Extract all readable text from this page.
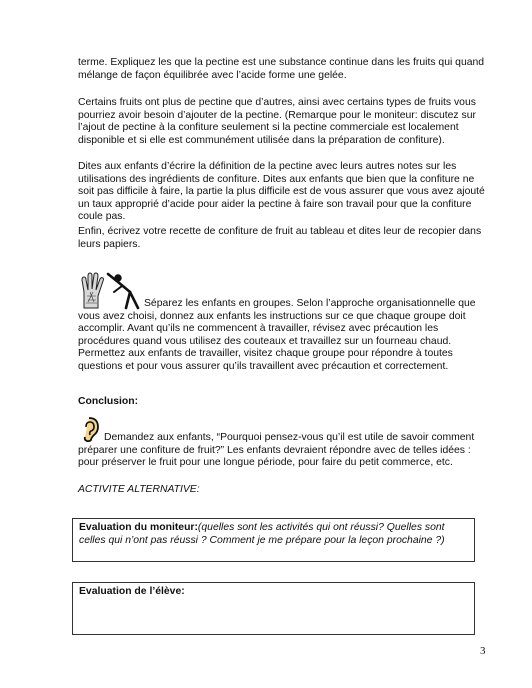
terme. Expliquez les que la pectine est une substance continue dans les fruits qui quand mélange de façon équilibrée avec l’acide forme une gelée.

Certains fruits ont plus de pectine que d’autres, ainsi avec certains types de fruits vous pourriez avoir besoin d’ajouter de la pectine. (Remarque pour le moniteur: discutez sur l’ajout de pectine à la confiture seulement si la pectine commerciale est localement disponible et si elle est communément utilisée dans la préparation de confiture).

Dites aux enfants d’écrire la définition de la pectine avec leurs autres notes sur les utilisations des ingrédients de confiture. Dites aux enfants que bien que la confiture ne soit pas difficile à faire, la partie la plus difficile est de vous assurer que vous avez ajouté un taux approprié d’acide pour aider la pectine à faire son travail pour que la confiture coule pas.

Enfin, écrivez votre recette de confiture de fruit au tableau et dites leur de recopier dans leurs papiers.

Séparez les enfants en groupes. Selon l’approche organisationnelle que vous avez choisi, donnez aux enfants les instructions sur ce que chaque groupe doit accomplir. Avant qu’ils ne commencent à travailler, révisez avec précaution les procédures quand vous utilisez des couteaux et travaillez sur un fourneau chaud. Permettez aux enfants de travailler, visitez chaque groupe pour répondre à toutes questions et pour vous assurer qu’ils travaillent avec précaution et correctement.

Conclusion:

Demandez aux enfants, “Pourquoi pensez-vous qu’il est utile de savoir comment préparer une confiture de fruit?” Les enfants devraient répondre avec de telles idées : pour préserver le fruit pour une longue période, pour faire du petit commerce, etc.

ACTIVITE ALTERNATIVE:
Evaluation du moniteur:(quelles sont les activités qui ont réussi? Quelles sont celles qui n’ont pas réussi ? Comment je me prépare pour la leçon prochaine ?)
Evaluation de l’élève:
3
